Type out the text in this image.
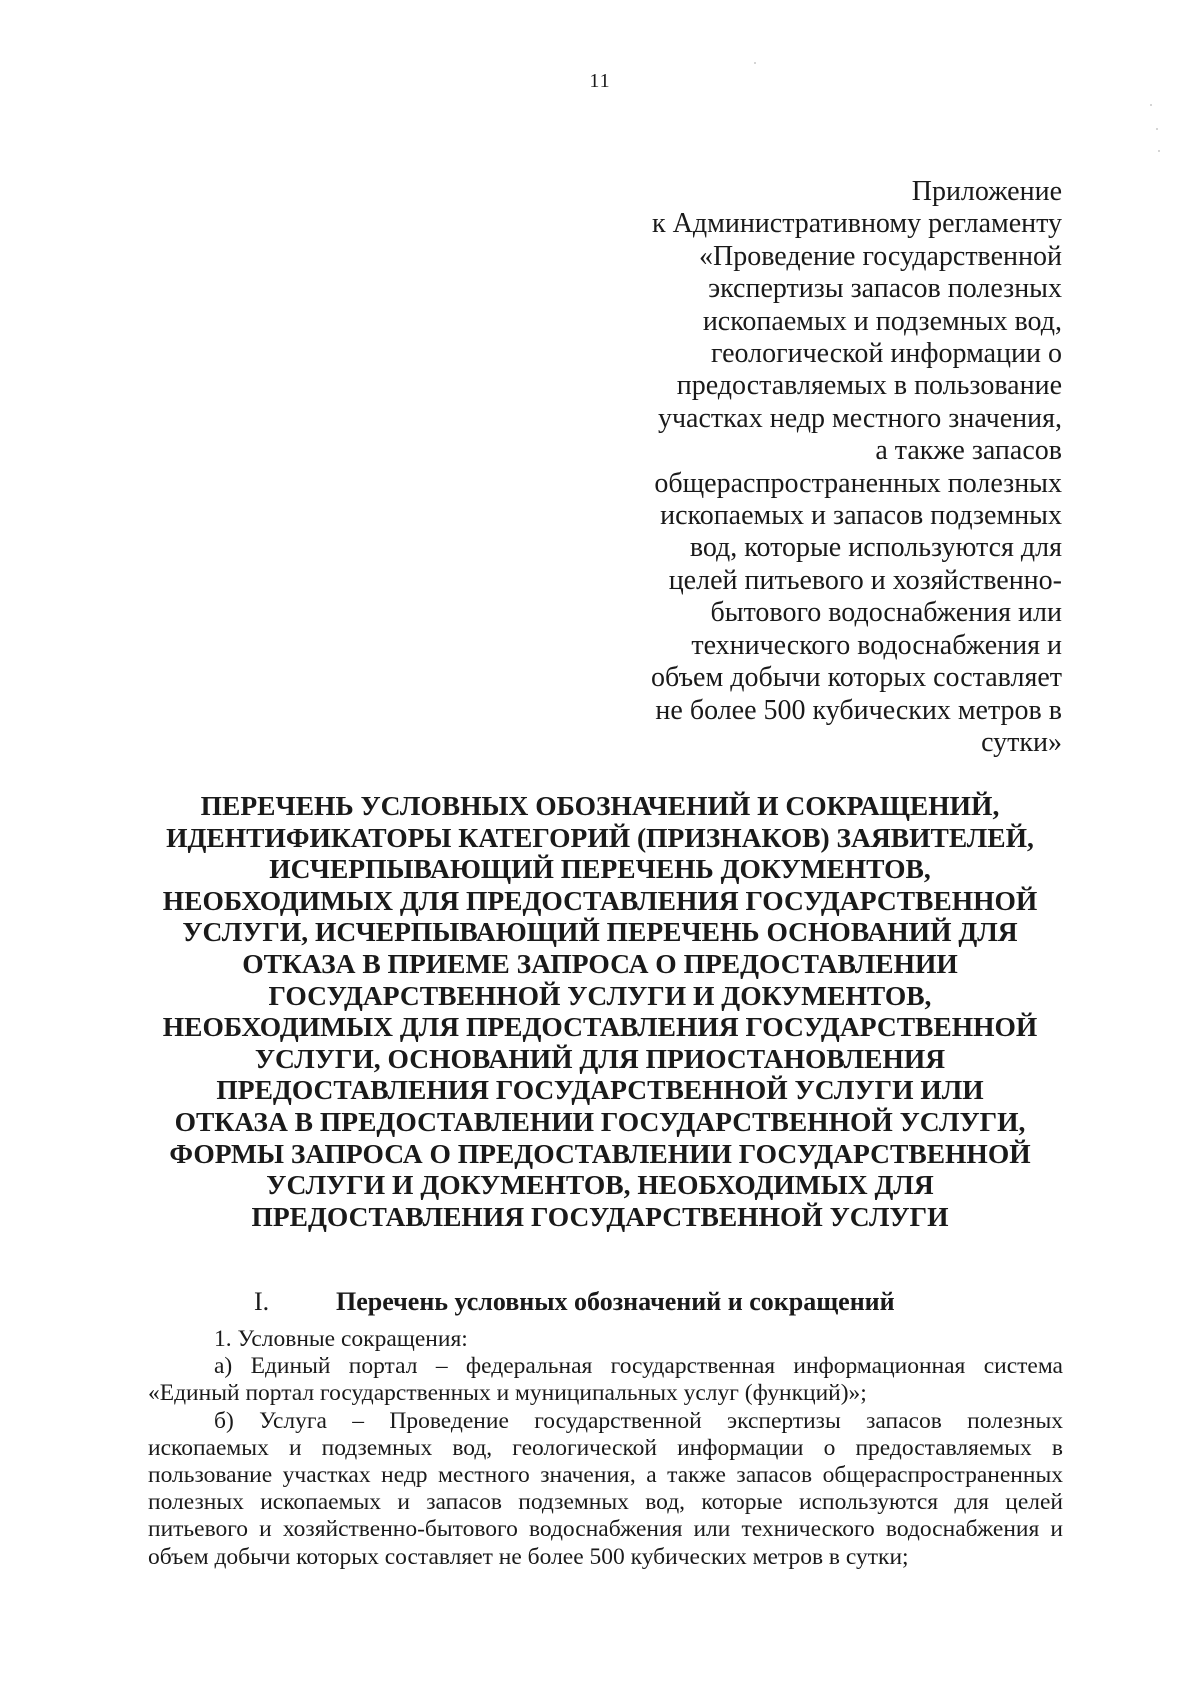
11
Приложение
к Административному регламенту
«Проведение государственной
экспертизы запасов полезных
ископаемых и подземных вод,
геологической информации о
предоставляемых в пользование
участках недр местного значения,
а также запасов
общераспространенных полезных
ископаемых и запасов подземных
вод, которые используются для
целей питьевого и хозяйственно-
бытового водоснабжения или
технического водоснабжения и
объем добычи которых составляет
не более 500 кубических метров в
сутки»
ПЕРЕЧЕНЬ УСЛОВНЫХ ОБОЗНАЧЕНИЙ И СОКРАЩЕНИЙ,
ИДЕНТИФИКАТОРЫ КАТЕГОРИЙ (ПРИЗНАКОВ) ЗАЯВИТЕЛЕЙ,
ИСЧЕРПЫВАЮЩИЙ ПЕРЕЧЕНЬ ДОКУМЕНТОВ,
НЕОБХОДИМЫХ ДЛЯ ПРЕДОСТАВЛЕНИЯ ГОСУДАРСТВЕННОЙ
УСЛУГИ, ИСЧЕРПЫВАЮЩИЙ ПЕРЕЧЕНЬ ОСНОВАНИЙ ДЛЯ
ОТКАЗА В ПРИЕМЕ ЗАПРОСА О ПРЕДОСТАВЛЕНИИ
ГОСУДАРСТВЕННОЙ УСЛУГИ И ДОКУМЕНТОВ,
НЕОБХОДИМЫХ ДЛЯ ПРЕДОСТАВЛЕНИЯ ГОСУДАРСТВЕННОЙ
УСЛУГИ, ОСНОВАНИЙ ДЛЯ ПРИОСТАНОВЛЕНИЯ
ПРЕДОСТАВЛЕНИЯ ГОСУДАРСТВЕННОЙ УСЛУГИ ИЛИ
ОТКАЗА В ПРЕДОСТАВЛЕНИИ ГОСУДАРСТВЕННОЙ УСЛУГИ,
ФОРМЫ ЗАПРОСА О ПРЕДОСТАВЛЕНИИ ГОСУДАРСТВЕННОЙ
УСЛУГИ И ДОКУМЕНТОВ, НЕОБХОДИМЫХ ДЛЯ
ПРЕДОСТАВЛЕНИЯ ГОСУДАРСТВЕННОЙ УСЛУГИ
I.	Перечень условных обозначений и сокращений

1. Условные сокращения:

а) Единый портал – федеральная государственная информационная система
«Единый портал государственных и муниципальных услуг (функций)»;
б) Услуга – Проведение государственной экспертизы запасов полезных
ископаемых и подземных вод, геологической информации о предоставляемых в
пользование участках недр местного значения, а также запасов общераспространенных
полезных ископаемых и запасов подземных вод, которые используются для целей
питьевого и хозяйственно-бытового водоснабжения или технического водоснабжения и
объем добычи которых составляет не более 500 кубических метров в сутки;
